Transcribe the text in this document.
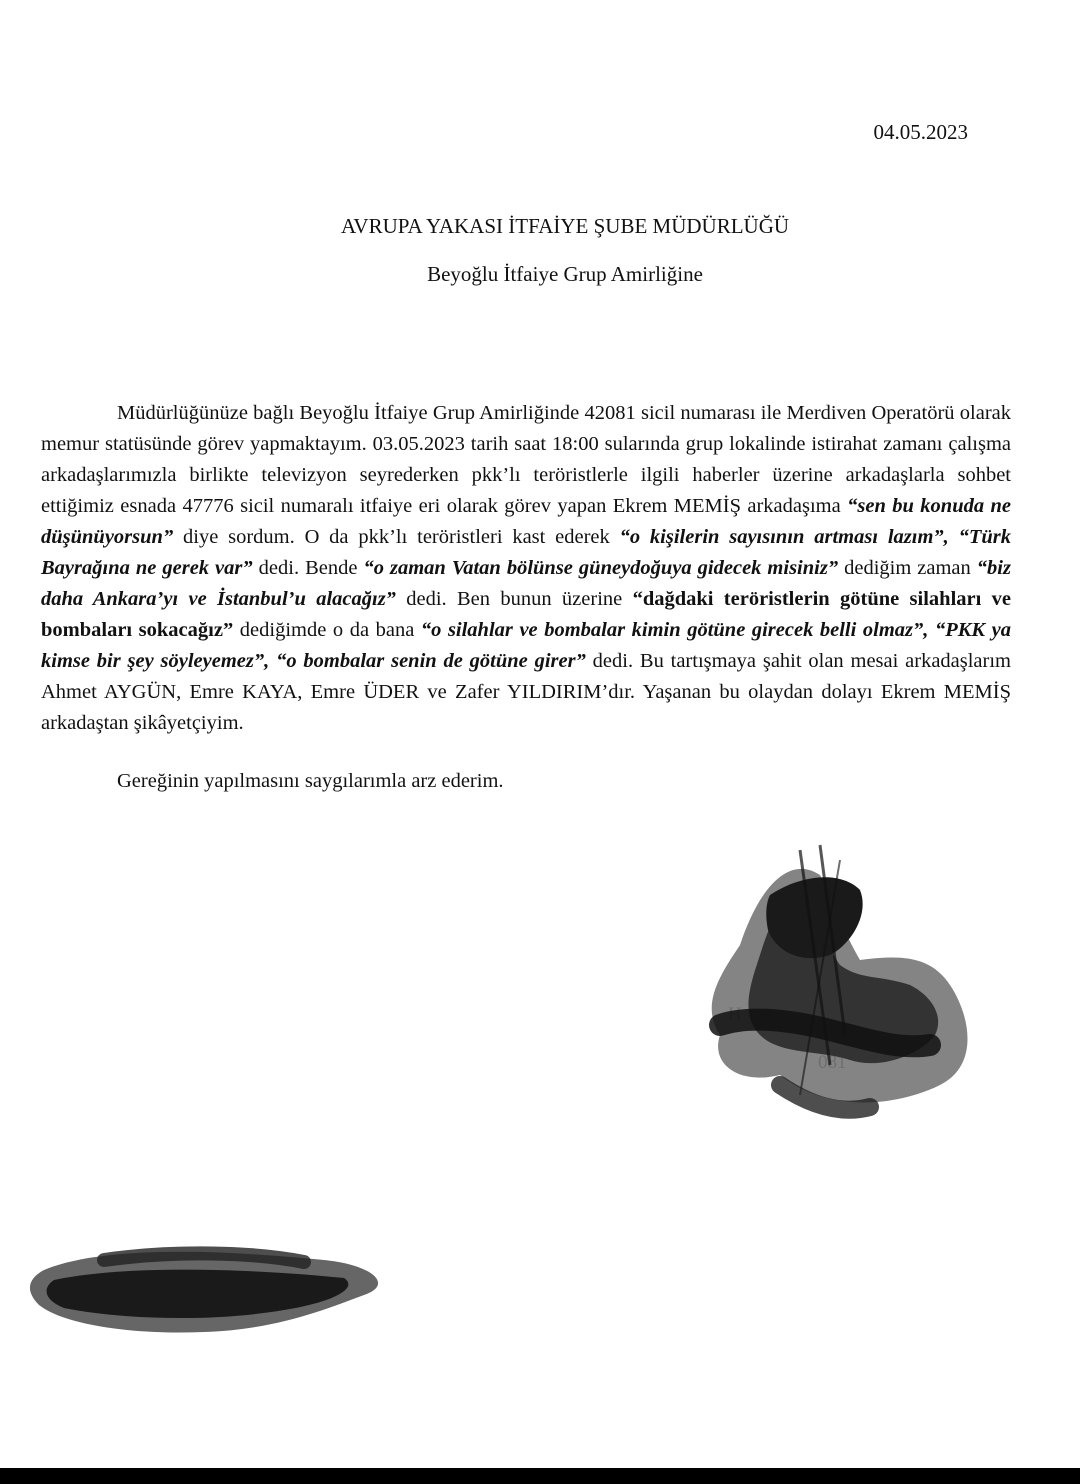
04.05.2023
AVRUPA YAKASI İTFAİYE ŞUBE MÜDÜRLÜĞÜ
Beyoğlu İtfaiye Grup Amirliğine

Müdürlüğünüze bağlı Beyoğlu İtfaiye Grup Amirliğinde 42081 sicil numarası ile Merdiven Operatörü olarak memur statüsünde görev yapmaktayım. 03.05.2023 tarih saat 18:00 sularında grup lokalinde istirahat zamanı çalışma arkadaşlarımızla birlikte televizyon seyrederken pkk’lı teröristlerle ilgili haberler üzerine arkadaşlarla sohbet ettiğimiz esnada 47776 sicil numaralı itfaiye eri olarak görev yapan Ekrem MEMİŞ arkadaşıma “sen bu konuda ne düşünüyorsun” diye sordum. O da pkk’lı teröristleri kast ederek “o kişilerin sayısının artması lazım”, “Türk Bayrağına ne gerek var” dedi. Bende “o zaman Vatan bölünse güneydoğuya gidecek misiniz” dediğim zaman “biz daha Ankara’yı ve İstanbul’u alacağız” dedi. Ben bunun üzerine “dağdaki teröristlerin götüne silahları ve bombaları sokacağız” dediğimde o da bana “o silahlar ve bombalar kimin götüne girecek belli olmaz”, “PKK ya kimse bir şey söyleyemez”, “o bombalar senin de götüne girer” dedi. Bu tartışmaya şahit olan mesai arkadaşlarım Ahmet AYGÜN, Emre KAYA, Emre ÜDER ve Zafer YILDIRIM’dır. Yaşanan bu olaydan dolayı Ekrem MEMİŞ arkadaştan şikâyetçiyim.

Gereğinin yapılmasını saygılarımla arz ederim.
